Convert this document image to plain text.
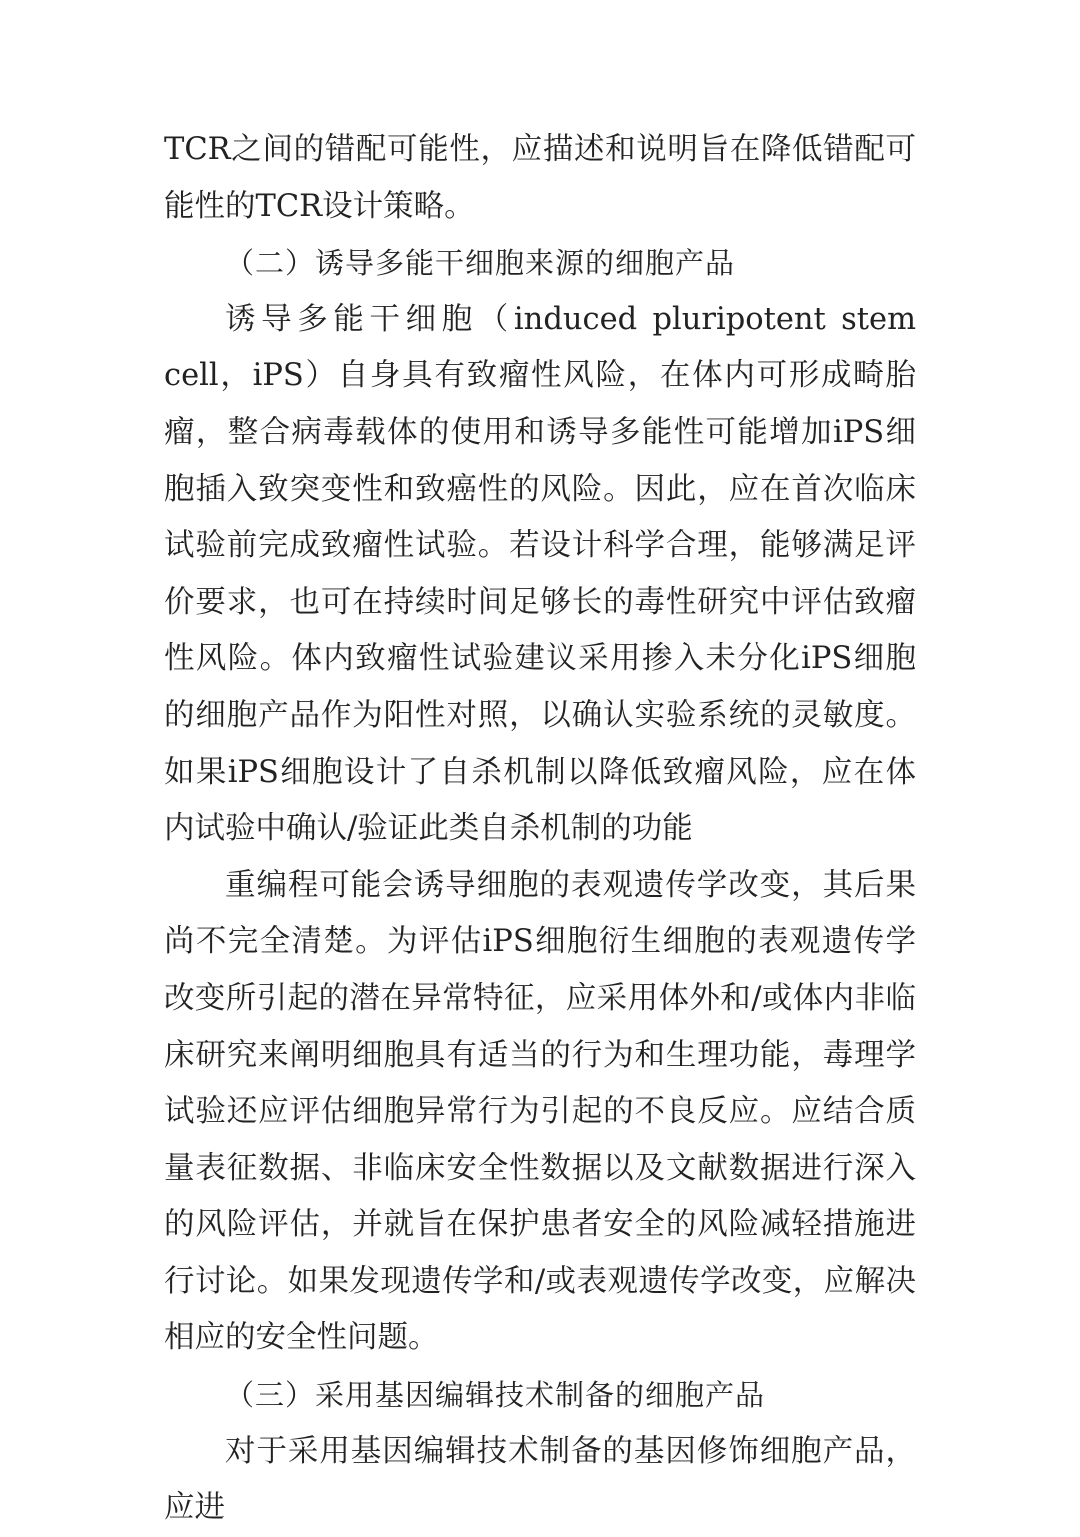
TCR之间的错配可能性，应描述和说明旨在降低错配可能性的TCR设计策略。

（二）诱导多能干细胞来源的细胞产品

诱导多能干细胞（induced pluripotent stem cell，iPS）自身具有致瘤性风险，在体内可形成畸胎瘤，整合病毒载体的使用和诱导多能性可能增加iPS细胞插入致突变性和致癌性的风险。因此，应在首次临床试验前完成致瘤性试验。若设计科学合理，能够满足评价要求，也可在持续时间足够长的毒性研究中评估致瘤性风险。体内致瘤性试验建议采用掺入未分化iPS细胞的细胞产品作为阳性对照，以确认实验系统的灵敏度。如果iPS细胞设计了自杀机制以降低致瘤风险，应在体内试验中确认/验证此类自杀机制的功能

重编程可能会诱导细胞的表观遗传学改变，其后果尚不完全清楚。为评估iPS细胞衍生细胞的表观遗传学改变所引起的潜在异常特征，应采用体外和/或体内非临床研究来阐明细胞具有适当的行为和生理功能，毒理学试验还应评估细胞异常行为引起的不良反应。应结合质量表征数据、非临床安全性数据以及文献数据进行深入的风险评估，并就旨在保护患者安全的风险减轻措施进行讨论。如果发现遗传学和/或表观遗传学改变，应解决相应的安全性问题。

（三）采用基因编辑技术制备的细胞产品

对于采用基因编辑技术制备的基因修饰细胞产品，应进
